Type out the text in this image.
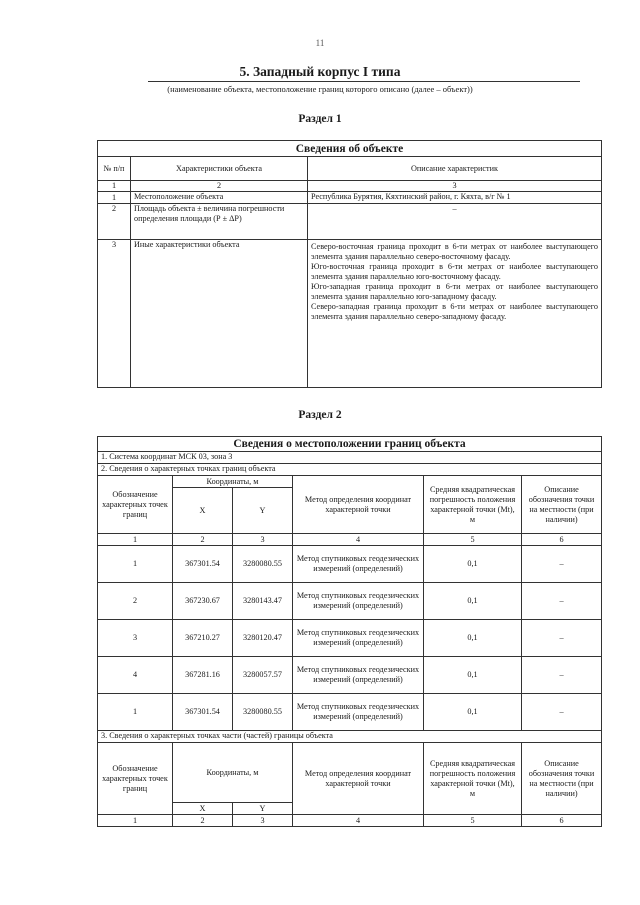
11
5. Западный корпус I типа
(наименование объекта, местоположение границ которого описано (далее – объект))
Раздел 1
Сведения об объекте		
№ п/п	Характеристики объекта	Описание характеристик
1	2	3
1	Местоположение объекта	Республика Бурятия, Кяхтинский район, г. Кяхта, в/г № 1
2	Площадь объекта ± величина погрешности определения площади (Р ± ΔР)	–
3	Иные характеристики объекта	Северо-восточная граница проходит в 6-ти метрах от наиболее выступающего элемента здания параллельно северо-восточному фасаду.

Юго-восточная граница проходит в 6-ти метрах от наиболее выступающего элемента здания параллельно юго-восточному фасаду.

Юго-западная граница проходит в 6-ти метрах от наиболее выступающего элемента здания параллельно юго-западному фасаду.

Северо-западная граница проходит в 6-ти метрах от наиболее выступающего элемента здания параллельно северо-западному фасаду.

Раздел 2
Сведения о местоположении границ объекта					
1. Система координат МСК 03, зона 3					
2. Сведения о характерных точках границ объекта					
Обозначение характерных точек границ	Координаты, м		Метод определения координат характерной точки	Средняя квадратическая погрешность положения характерной точки (Мt), м	Описание обозначения точки на местности (при наличии)
	X	Y			
1	2	3	4	5	6
1	367301.54	3280080.55	Метод спутниковых геодезических измерений (определений)	0,1	–
2	367230.67	3280143.47	Метод спутниковых геодезических измерений (определений)	0,1	–
3	367210.27	3280120.47	Метод спутниковых геодезических измерений (определений)	0,1	–
4	367281.16	3280057.57	Метод спутниковых геодезических измерений (определений)	0,1	–
1	367301.54	3280080.55	Метод спутниковых геодезических измерений (определений)	0,1	–
3. Сведения о характерных точках части (частей) границы объекта					
Обозначение характерных точек границ	Координаты, м		Метод определения координат характерной точки	Средняя квадратическая погрешность положения характерной точки (Мt), м	Описание обозначения точки на местности (при наличии)
	X	Y			
1	2	3	4	5	6
